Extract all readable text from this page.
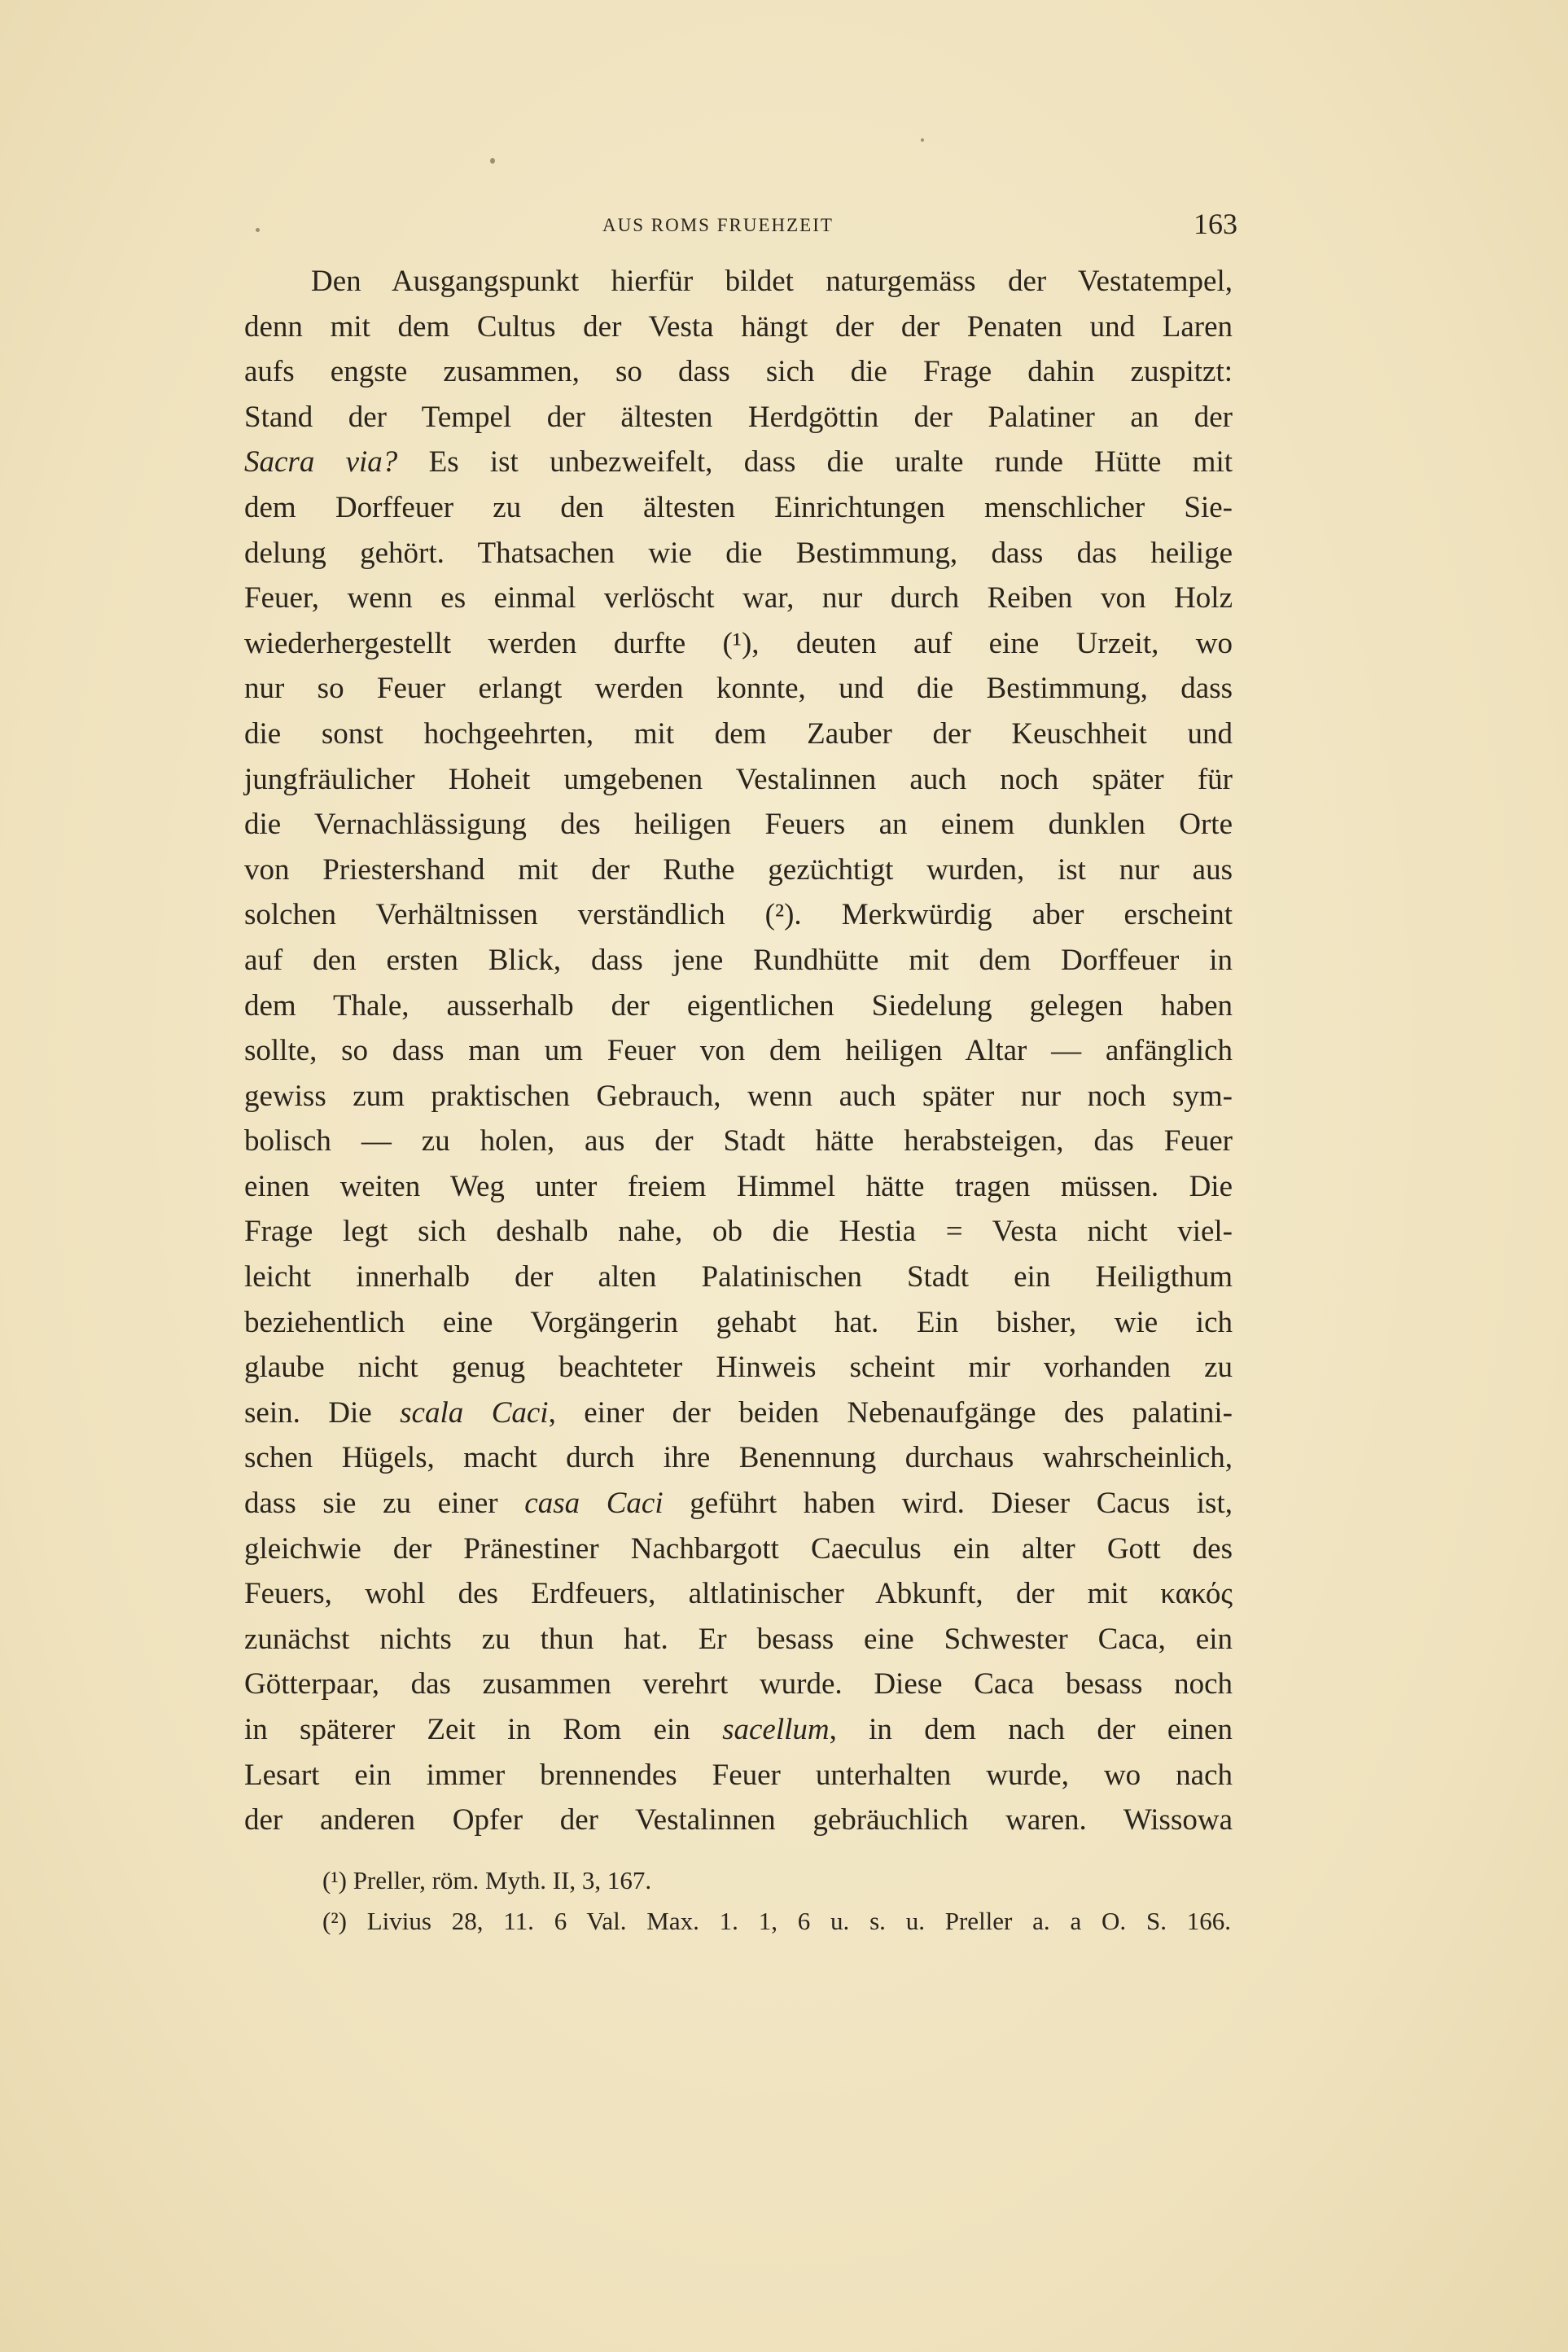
AUS ROMS FRUEHZEIT	163
Den Ausgangspunkt hierfür bildet naturgemäss der Vestatempel,
denn mit dem Cultus der Vesta hängt der der Penaten und Laren
aufs engste zusammen, so dass sich die Frage dahin zuspitzt:
Stand der Tempel der ältesten Herdgöttin der Palatiner an der
Sacra via? Es ist unbezweifelt, dass die uralte runde Hütte mit
dem Dorffeuer zu den ältesten Einrichtungen menschlicher Sie-
delung gehört. Thatsachen wie die Bestimmung, dass das heilige
Feuer, wenn es einmal verlöscht war, nur durch Reiben von Holz
wiederhergestellt werden durfte (¹), deuten auf eine Urzeit, wo
nur so Feuer erlangt werden konnte, und die Bestimmung, dass
die sonst hochgeehrten, mit dem Zauber der Keuschheit und
jungfräulicher Hoheit umgebenen Vestalinnen auch noch später für
die Vernachlässigung des heiligen Feuers an einem dunklen Orte
von Priestershand mit der Ruthe gezüchtigt wurden, ist nur aus
solchen Verhältnissen verständlich (²). Merkwürdig aber erscheint
auf den ersten Blick, dass jene Rundhütte mit dem Dorffeuer in
dem Thale, ausserhalb der eigentlichen Siedelung gelegen haben
sollte, so dass man um Feuer von dem heiligen Altar — anfänglich
gewiss zum praktischen Gebrauch, wenn auch später nur noch sym-
bolisch — zu holen, aus der Stadt hätte herabsteigen, das Feuer
einen weiten Weg unter freiem Himmel hätte tragen müssen. Die
Frage legt sich deshalb nahe, ob die Hestia = Vesta nicht viel-
leicht innerhalb der alten Palatinischen Stadt ein Heiligthum
beziehentlich eine Vorgängerin gehabt hat. Ein bisher, wie ich
glaube nicht genug beachteter Hinweis scheint mir vorhanden zu
sein. Die scala Caci, einer der beiden Nebenaufgänge des palatini-
schen Hügels, macht durch ihre Benennung durchaus wahrscheinlich,
dass sie zu einer casa Caci geführt haben wird. Dieser Cacus ist,
gleichwie der Pränestiner Nachbargott Caeculus ein alter Gott des
Feuers, wohl des Erdfeuers, altlatinischer Abkunft, der mit κακός
zunächst nichts zu thun hat. Er besass eine Schwester Caca, ein
Götterpaar, das zusammen verehrt wurde. Diese Caca besass noch
in späterer Zeit in Rom ein sacellum, in dem nach der einen
Lesart ein immer brennendes Feuer unterhalten wurde, wo nach
der anderen Opfer der Vestalinnen gebräuchlich waren. Wissowa
(¹) Preller, röm. Myth. II, 3, 167.
(²) Livius 28, 11. 6 Val. Max. 1. 1, 6 u. s. u. Preller a. a O. S. 166.
